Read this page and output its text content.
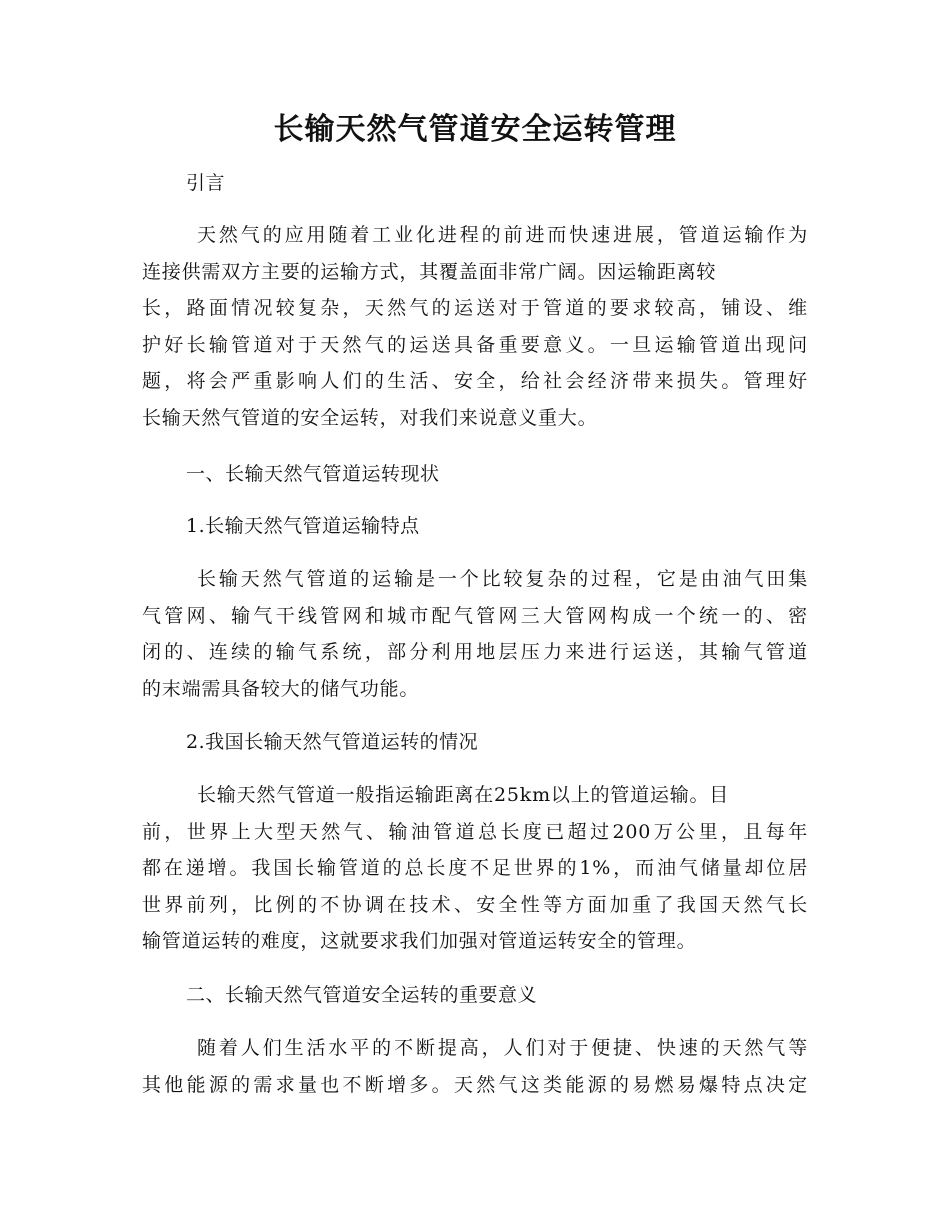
长输天然气管道安全运转管理
引言
天然气的应用随着工业化进程的前进而快速进展，管道运输作为
连接供需双方主要的运输方式，其覆盖面非常广阔。因运输距离较
长，路面情况较复杂，天然气的运送对于管道的要求较高，铺设、维
护好长输管道对于天然气的运送具备重要意义。一旦运输管道出现问
题，将会严重影响人们的生活、安全，给社会经济带来损失。管理好
长输天然气管道的安全运转，对我们来说意义重大。
一、长输天然气管道运转现状
1.长输天然气管道运输特点
长输天然气管道的运输是一个比较复杂的过程，它是由油气田集
气管网、输气干线管网和城市配气管网三大管网构成一个统一的、密
闭的、连续的输气系统，部分利用地层压力来进行运送，其输气管道
的末端需具备较大的储气功能。
2.我国长输天然气管道运转的情况
长输天然气管道一般指运输距离在25km以上的管道运输。目
前，世界上大型天然气、输油管道总长度已超过200万公里，且每年
都在递增。我国长输管道的总长度不足世界的1%，而油气储量却位居
世界前列，比例的不协调在技术、安全性等方面加重了我国天然气长
输管道运转的难度，这就要求我们加强对管道运转安全的管理。
二、长输天然气管道安全运转的重要意义
随着人们生活水平的不断提高，人们对于便捷、快速的天然气等
其他能源的需求量也不断增多。天然气这类能源的易燃易爆特点决定
